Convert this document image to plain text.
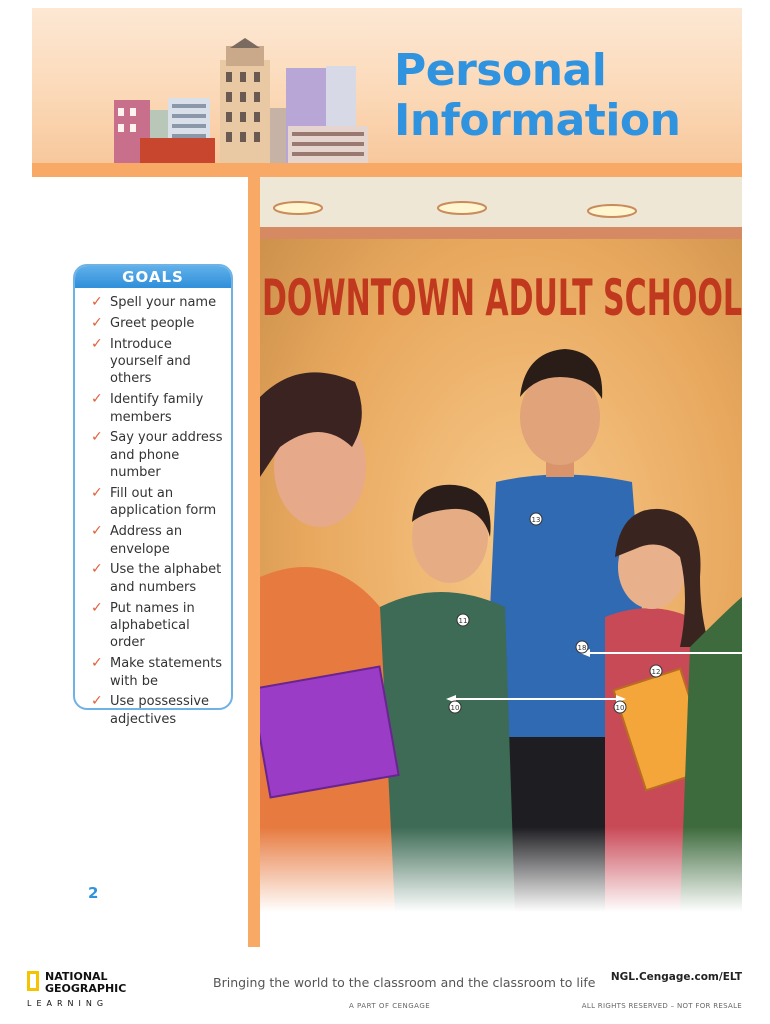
Personal
Information
GOALS
✓ Spell your name
✓ Greet people
✓ Introduce yourself and others
✓ Identify family members
✓ Say your address and phone number
✓ Fill out an application form
✓ Address an envelope
✓ Use the alphabet and numbers
✓ Put names in alphabetical order
✓ Make statements with be
✓ Use possessive adjectives
DOWNTOWN ADULT SCHOOL
11
10	10
12
13
18
2
NATIONAL
GEOGRAPHIC
LEARNING
Bringing the world to the classroom and the classroom to life
A PART OF CENGAGE
NGL.Cengage.com/ELT
ALL RIGHTS RESERVED – NOT FOR RESALE
